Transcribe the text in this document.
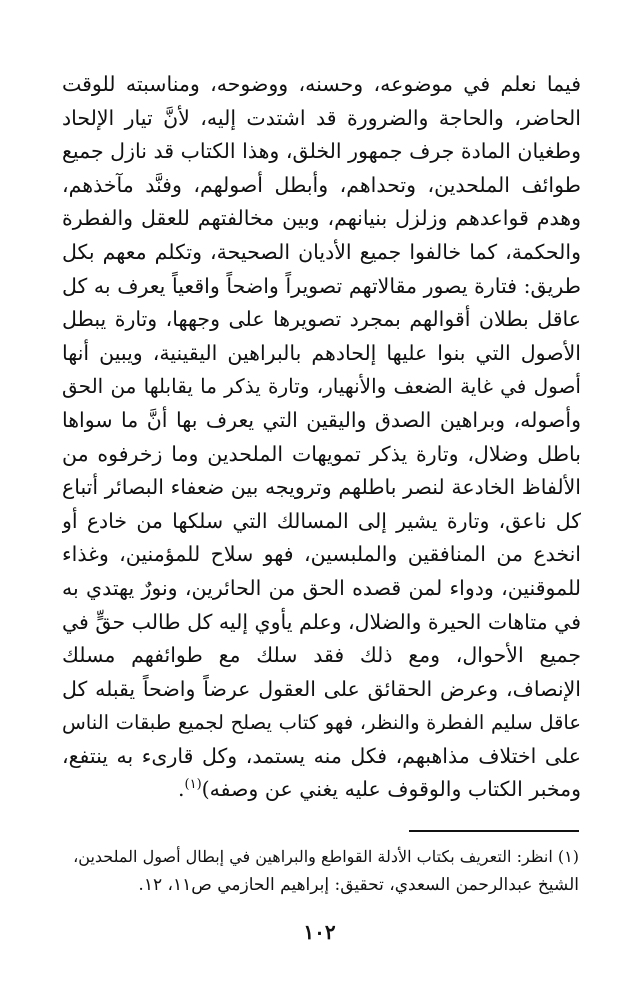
فيما نعلم في موضوعه، وحسنه، ووضوحه، ومناسبته للوقت
الحاضر، والحاجة والضرورة قد اشتدت إليه، لأنَّ تيار الإلحاد
وطغيان المادة جرف جمهور الخلق، وهذا الكتاب قد نازل جميع
طوائف الملحدين، وتحداهم، وأبطل أصولهم، وفنَّد مآخذهم،
وهدم قواعدهم وزلزل بنيانهم، وبين مخالفتهم للعقل والفطرة
والحكمة، كما خالفوا جميع الأديان الصحيحة، وتكلم معهم بكل
طريق: فتارة يصور مقالاتهم تصويراً واضحاً واقعياً يعرف به كل
عاقل بطلان أقوالهم بمجرد تصويرها على وجهها، وتارة يبطل
الأصول التي بنوا عليها إلحادهم بالبراهين اليقينية، ويبين أنها
أصول في غاية الضعف والأنهيار، وتارة يذكر ما يقابلها من الحق
وأصوله، وبراهين الصدق واليقين التي يعرف بها أنَّ ما سواها
باطل وضلال، وتارة يذكر تمويهات الملحدين وما زخرفوه من
الألفاظ الخادعة لنصر باطلهم وترويجه بين ضعفاء البصائر أتباع
كل ناعق، وتارة يشير إلى المسالك التي سلكها من خادع أو
انخدع من المنافقين والملبسين، فهو سلاح للمؤمنين، وغذاء
للموقنين، ودواء لمن قصده الحق من الحائرين، ونورٌ يهتدي به
في متاهات الحيرة والضلال، وعلم يأوي إليه كل طالب حقٍّ في
جميع الأحوال، ومع ذلك فقد سلك مع طوائفهم مسلك
الإنصاف، وعرض الحقائق على العقول عرضاً واضحاً يقبله كل
عاقل سليم الفطرة والنظر، فهو كتاب يصلح لجميع طبقات الناس
على اختلاف مذاهبهم، فكل منه يستمد، وكل قارىء به ينتفع،
ومخبر الكتاب والوقوف عليه يغني عن وصفه)$^{(١)}$.
(١) انظر: التعريف بكتاب الأدلة القواطع والبراهين في إبطال أصول الملحدين،
الشيخ عبدالرحمن السعدي، تحقيق: إبراهيم الحازمي ص١١، ١٢.
١٠٢
